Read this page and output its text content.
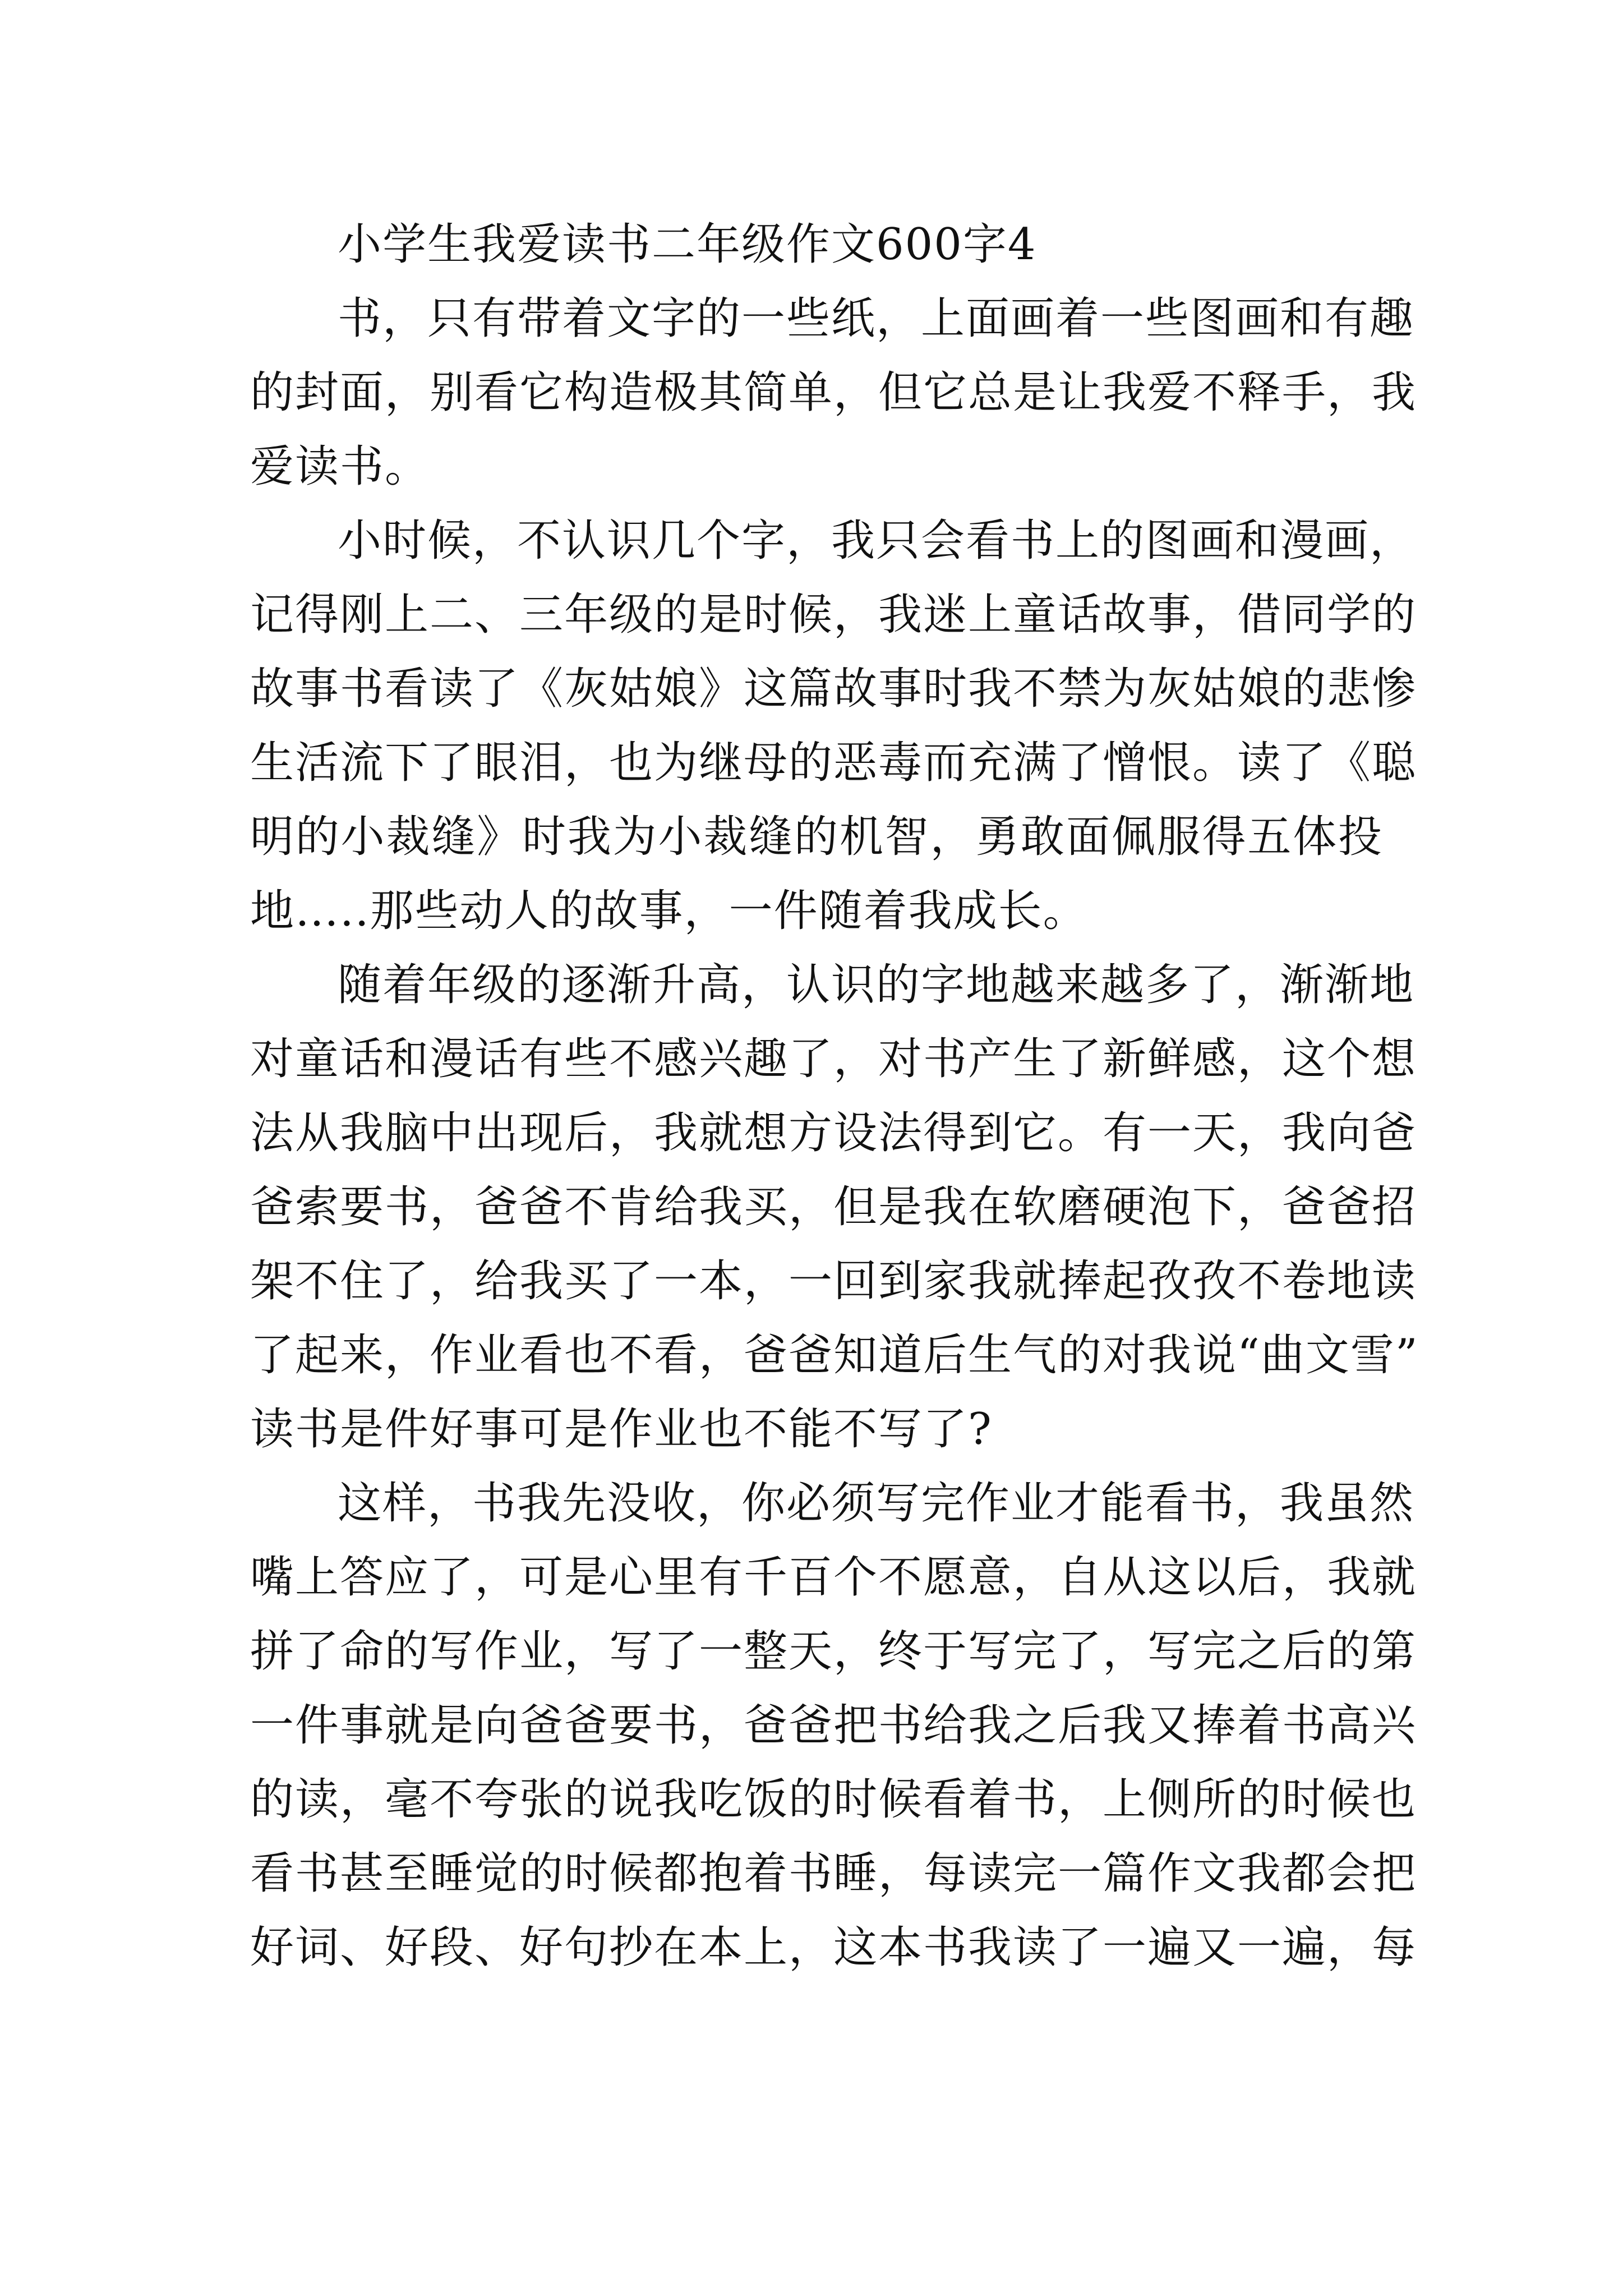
小学生我爱读书二年级作文600字4
书，只有带着文字的一些纸，上面画着一些图画和有趣
的封面，别看它构造极其简单，但它总是让我爱不释手，我
爱读书。
小时候，不认识几个字，我只会看书上的图画和漫画，
记得刚上二、三年级的是时候，我迷上童话故事，借同学的
故事书看读了《灰姑娘》这篇故事时我不禁为灰姑娘的悲惨
生活流下了眼泪，也为继母的恶毒而充满了憎恨。读了《聪
明的小裁缝》时我为小裁缝的机智，勇敢面佩服得五体投
地…..那些动人的故事，一件随着我成长。
随着年级的逐渐升高，认识的字地越来越多了，渐渐地
对童话和漫话有些不感兴趣了，对书产生了新鲜感，这个想
法从我脑中出现后，我就想方设法得到它。有一天，我向爸
爸索要书，爸爸不肯给我买，但是我在软磨硬泡下，爸爸招
架不住了，给我买了一本，一回到家我就捧起孜孜不卷地读
了起来，作业看也不看，爸爸知道后生气的对我说“曲文雪”
读书是件好事可是作业也不能不写了?
这样，书我先没收，你必须写完作业才能看书，我虽然
嘴上答应了，可是心里有千百个不愿意，自从这以后，我就
拼了命的写作业，写了一整天，终于写完了，写完之后的第
一件事就是向爸爸要书，爸爸把书给我之后我又捧着书高兴
的读，毫不夸张的说我吃饭的时候看着书，上侧所的时候也
看书甚至睡觉的时候都抱着书睡，每读完一篇作文我都会把
好词、好段、好句抄在本上，这本书我读了一遍又一遍，每
